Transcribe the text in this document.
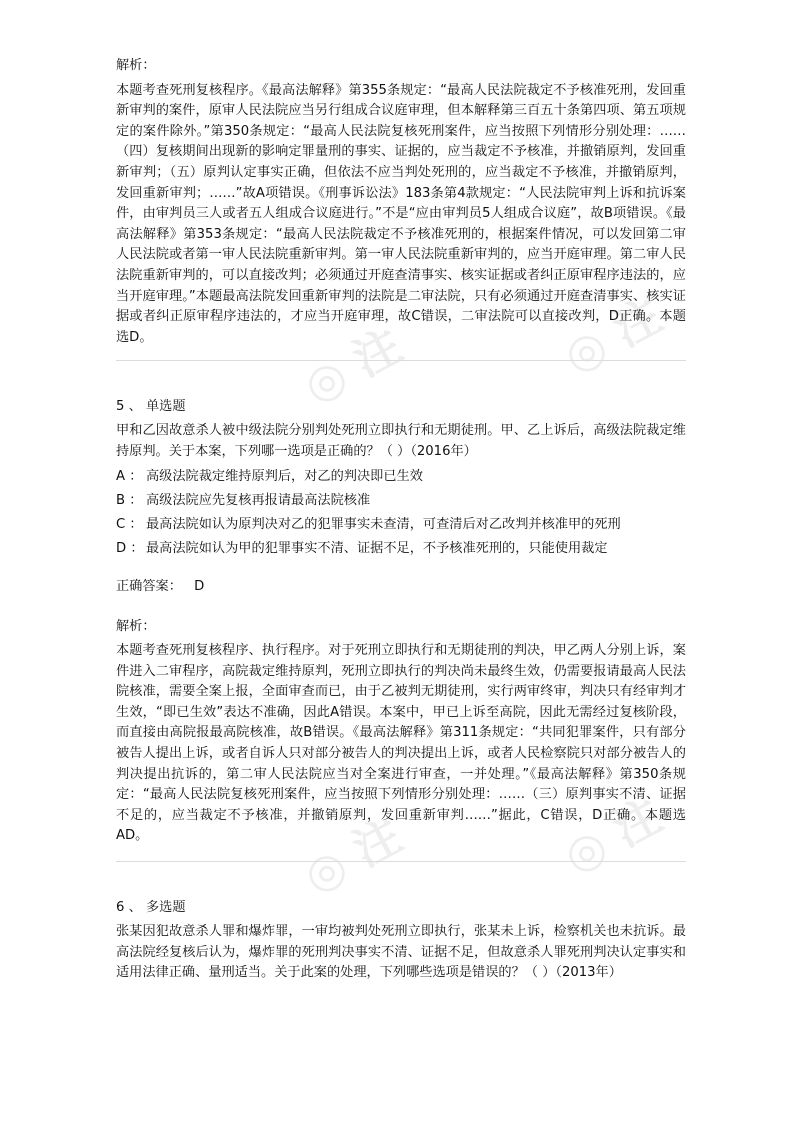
◎ 注
◎ 注
◎ 注
◎ 注

解析：

本题考查死刑复核程序。《最高法解释》第355条规定：“最高人民法院裁定不予核准死刑，发回重新审判的案件，原审人民法院应当另行组成合议庭审理，但本解释第三百五十条第四项、第五项规定的案件除外。”第350条规定：“最高人民法院复核死刑案件，应当按照下列情形分别处理：……（四）复核期间出现新的影响定罪量刑的事实、证据的，应当裁定不予核准，并撤销原判，发回重新审判；（五）原判认定事实正确，但依法不应当判处死刑的，应当裁定不予核准，并撤销原判，发回重新审判；……”故A项错误。《刑事诉讼法》183条第4款规定：“人民法院审判上诉和抗诉案件，由审判员三人或者五人组成合议庭进行。”不是“应由审判员5人组成合议庭”，故B项错误。《最高法解释》第353条规定：“最高人民法院裁定不予核准死刑的，根据案件情况，可以发回第二审人民法院或者第一审人民法院重新审判。第一审人民法院重新审判的，应当开庭审理。第二审人民法院重新审判的，可以直接改判；必须通过开庭查清事实、核实证据或者纠正原审程序违法的，应当开庭审理。”本题最高法院发回重新审判的法院是二审法院，只有必须通过开庭查清事实、核实证据或者纠正原审程序违法的，才应当开庭审理，故C错误，二审法院可以直接改判，D正确。本题选D。

5 、 单选题

甲和乙因故意杀人被中级法院分别判处死刑立即执行和无期徒刑。甲、乙上诉后，高级法院裁定维持原判。关于本案，下列哪一选项是正确的？（ ）（2016年）

A ： 高级法院裁定维持原判后，对乙的判决即已生效
B ： 高级法院应先复核再报请最高法院核准
C ： 最高法院如认为原判决对乙的犯罪事实未查清，可查清后对乙改判并核准甲的死刑
D ： 最高法院如认为甲的犯罪事实不清、证据不足，不予核准死刑的，只能使用裁定

正确答案： D

解析：

本题考查死刑复核程序、执行程序。对于死刑立即执行和无期徒刑的判决，甲乙两人分别上诉，案件进入二审程序，高院裁定维持原判，死刑立即执行的判决尚未最终生效，仍需要报请最高人民法院核准，需要全案上报，全面审查而已，由于乙被判无期徒刑，实行两审终审，判决只有经审判才生效，“即已生效”表达不准确，因此A错误。本案中，甲已上诉至高院，因此无需经过复核阶段，而直接由高院报最高院核准，故B错误。《最高法解释》第311条规定：“共同犯罪案件，只有部分被告人提出上诉，或者自诉人只对部分被告人的判决提出上诉，或者人民检察院只对部分被告人的判决提出抗诉的，第二审人民法院应当对全案进行审查，一并处理。”《最高法解释》第350条规定：“最高人民法院复核死刑案件，应当按照下列情形分别处理：……（三）原判事实不清、证据不足的，应当裁定不予核准，并撤销原判，发回重新审判……”据此，C错误，D正确。本题选AD。

6 、 多选题

张某因犯故意杀人罪和爆炸罪，一审均被判处死刑立即执行，张某未上诉，检察机关也未抗诉。最高法院经复核后认为，爆炸罪的死刑判决事实不清、证据不足，但故意杀人罪死刑判决认定事实和适用法律正确、量刑适当。关于此案的处理，下列哪些选项是错误的？（ ）（2013年）
